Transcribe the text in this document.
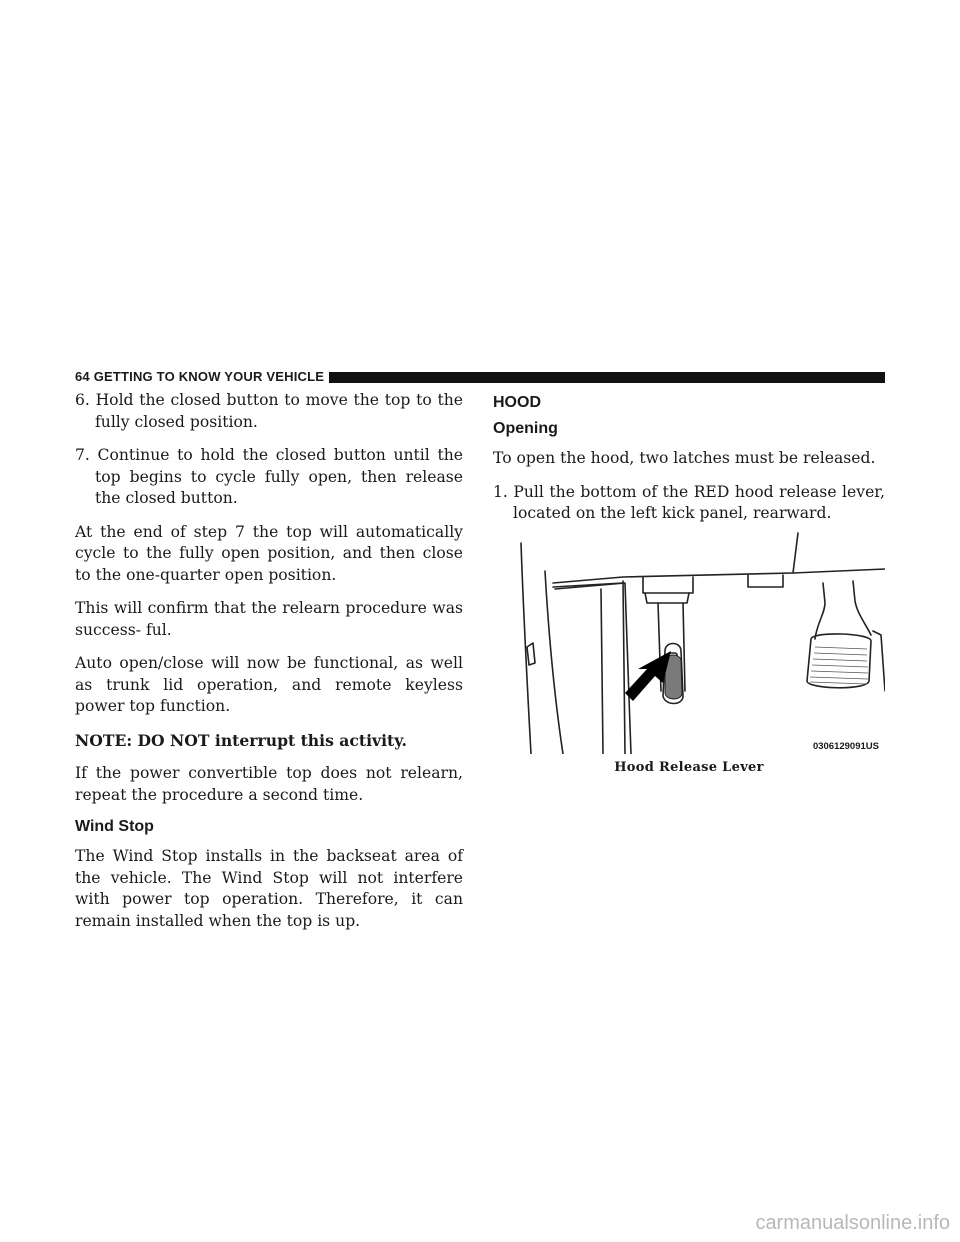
64 GETTING TO KNOW YOUR VEHICLE

6. Hold the closed button to move the top to the fully closed position.

7. Continue to hold the closed button until the top begins to cycle fully open, then release the closed button.

At the end of step 7 the top will automatically cycle to the fully open position, and then close to the one-quarter open position.

This will confirm that the relearn procedure was success- ful.

Auto open/close will now be functional, as well as trunk lid operation, and remote keyless power top function.

NOTE: DO NOT interrupt this activity.

If the power convertible top does not relearn, repeat the procedure a second time.

Wind Stop

The Wind Stop installs in the backseat area of the vehicle. The Wind Stop will not interfere with power top operation. Therefore, it can remain installed when the top is up.

HOOD
Opening

To open the hood, two latches must be released.

1. Pull the bottom of the RED hood release lever, located on the left kick panel, rearward.

0306129091US
Hood Release Lever
carmanualsonline.info
